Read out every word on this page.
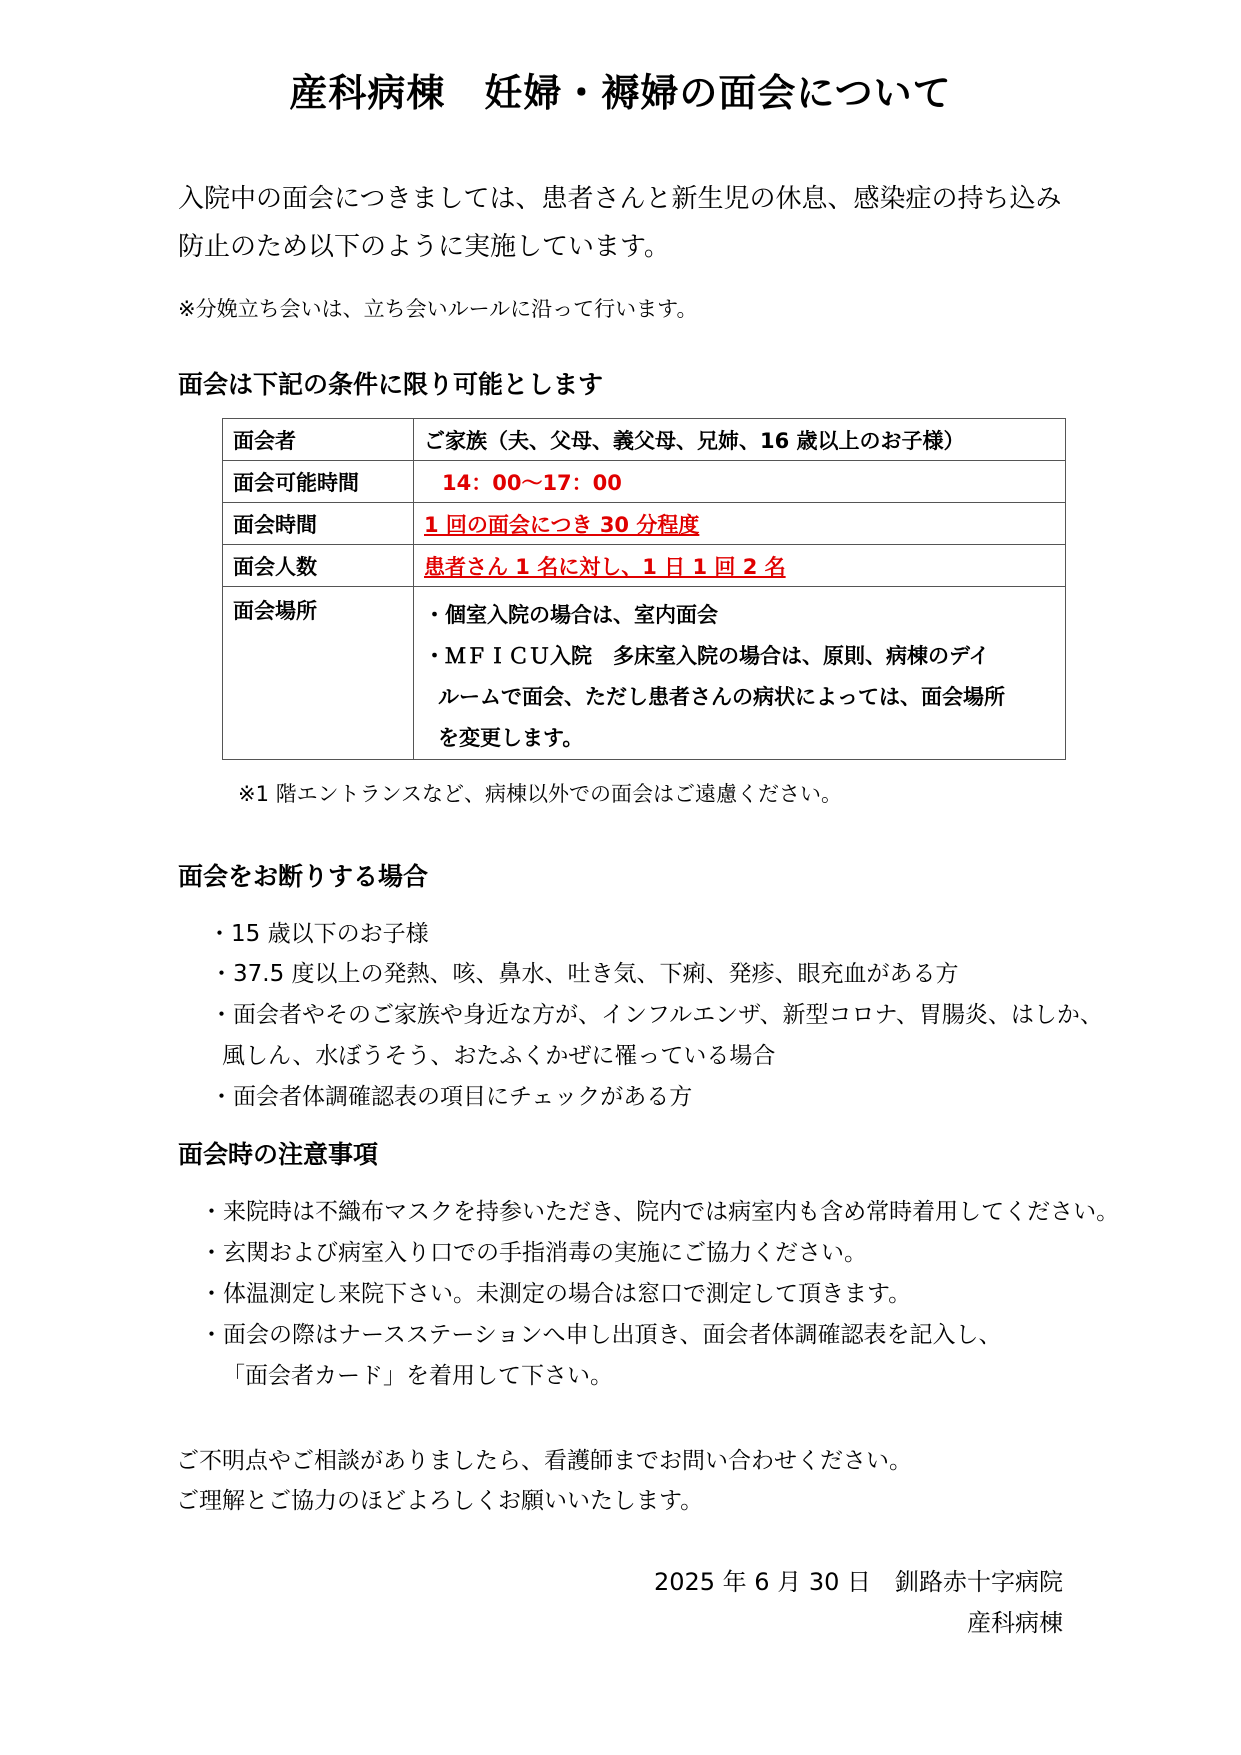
産科病棟　妊婦・褥婦の面会について
入院中の面会につきましては、患者さんと新生児の休息、感染症の持ち込み
防止のため以下のように実施しています。
※分娩立ち会いは、立ち会いルールに沿って行います。
面会は下記の条件に限り可能とします
面会者	ご家族（夫、父母、義父母、兄姉、16 歳以上のお子様）
面会可能時間	14：00～17：00
面会時間	1 回の面会につき 30 分程度
面会人数	患者さん 1 名に対し、1 日 1 回 2 名
面会場所	・個室入院の場合は、室内面会
・ＭＦＩＣＵ入院　多床室入院の場合は、原則、病棟のデイ
ルームで面会、ただし患者さんの病状によっては、面会場所
を変更します。
※1 階エントランスなど、病棟以外での面会はご遠慮ください。
面会をお断りする場合
・15 歳以下のお子様
・37.5 度以上の発熱、咳、鼻水、吐き気、下痢、発疹、眼充血がある方
・面会者やそのご家族や身近な方が、インフルエンザ、新型コロナ、胃腸炎、はしか、
風しん、水ぼうそう、おたふくかぜに罹っている場合
・面会者体調確認表の項目にチェックがある方
面会時の注意事項
・来院時は不織布マスクを持参いただき、院内では病室内も含め常時着用してください。
・玄関および病室入り口での手指消毒の実施にご協力ください。
・体温測定し来院下さい。未測定の場合は窓口で測定して頂きます。
・面会の際はナースステーションへ申し出頂き、面会者体調確認表を記入し、
「面会者カード」を着用して下さい。
ご不明点やご相談がありましたら、看護師までお問い合わせください。
ご理解とご協力のほどよろしくお願いいたします。
2025 年 6 月 30 日　釧路赤十字病院
産科病棟
